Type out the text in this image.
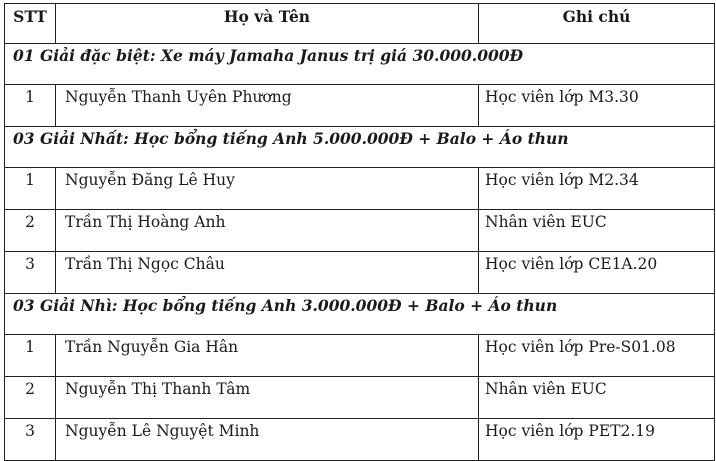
STT	Họ và Tên	Ghi chú
01 Giải đặc biệt: Xe máy Jamaha Janus trị giá 30.000.000Đ		
1	Nguyễn Thanh Uyên Phương	Học viên lớp M3.30
03 Giải Nhất: Học bổng tiếng Anh 5.000.000Đ + Balo + Áo thun		
1	Nguyễn Đăng Lê Huy	Học viên lớp M2.34
2	Trần Thị Hoàng Anh	Nhân viên EUC
3	Trần Thị Ngọc Châu	Học viên lớp CE1A.20
03 Giải Nhì: Học bổng tiếng Anh 3.000.000Đ + Balo + Áo thun		
1	Trần Nguyễn Gia Hân	Học viên lớp Pre-S01.08
2	Nguyễn Thị Thanh Tâm	Nhân viên EUC
3	Nguyễn Lê Nguyệt Minh	Học viên lớp PET2.19
